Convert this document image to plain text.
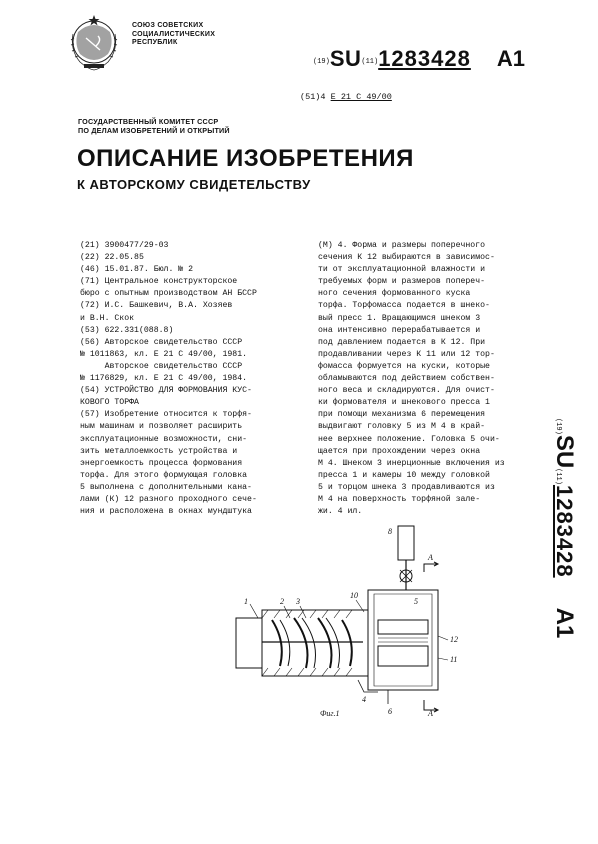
СОЮЗ СОВЕТСКИХ
СОЦИАЛИСТИЧЕСКИХ
РЕСПУБЛИК
(19)SU(11)1283428 A1
(51)4 E 21 C 49/00
ГОСУДАРСТВЕННЫЙ КОМИТЕТ СССР
ПО ДЕЛАМ ИЗОБРЕТЕНИЙ И ОТКРЫТИЙ
ОПИСАНИЕ ИЗОБРЕТЕНИЯ
К АВТОРСКОМУ СВИДЕТЕЛЬСТВУ
(21) 3900477/29-03
(22) 22.05.85
(46) 15.01.87. Бюл. № 2
(71) Центральное конструкторское
бюро с опытным производством АН БССР
(72) И.С. Башкевич, В.А. Хозяев
и В.Н. Скок
(53) 622.331(088.8)
(56) Авторское свидетельство СССР
№ 1011863, кл. Е 21 С 49/00, 1981.
Авторское свидетельство СССР
№ 1176829, кл. Е 21 С 49/00, 1984.
(54) УСТРОЙСТВО ДЛЯ ФОРМОВАНИЯ КУС-
КОВОГО ТОРФА
(57) Изобретение относится к торфя-
ным машинам и позволяет расширить
эксплуатационные возможности, сни-
зить металлоемкость устройства и
энергоемкость процесса формования
торфа. Для этого формующая головка
5 выполнена с дополнительными кана-
лами (К) 12 разного проходного сече-
ния и расположена в окнах мундштука
(М) 4. Форма и размеры поперечного
сечения К 12 выбираются в зависимос-
ти от эксплуатационной влажности и
требуемых форм и размеров попереч-
ного сечения формованного куска
торфа. Торфомасса подается в шнеко-
вый пресс 1. Вращающимся шнеком 3
она интенсивно перерабатывается и
под давлением подается в К 12. При
продавливании через К 11 или 12 тор-
фомасса формуется на куски, которые
обламываются под действием собствен-
ного веса и складируются. Для очист-
ки формователя и шнекового пресса 1
при помощи механизма 6 перемещения
выдвигают головку 5 из М 4 в край-
нее верхнее положение. Головка 5 очи-
щается при прохождении через окна
М 4. Шнеком 3 инерционные включения из
пресса 1 и камеры 10 между головкой
5 и торцом шнека 3 продавливаются из
М 4 на поверхность торфяной зале-
жи. 4 ил.
(19)SU(11)1283428A1
1	2 3
10
4
A
6
12
11
8
5
A
Фиг.1
